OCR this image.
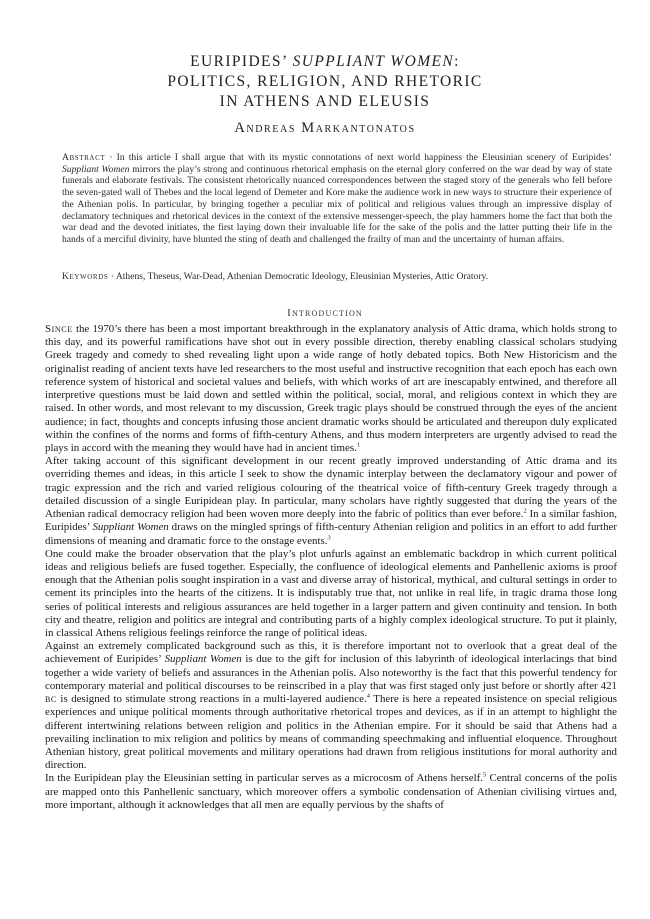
EURIPIDES’ SUPPLIANT WOMEN:
POLITICS, RELIGION, AND RHETORIC
IN ATHENS AND ELEUSIS
Andreas Markantonatos
Abstract · In this article I shall argue that with its mystic connotations of next world happiness the Eleusinian scenery of Euripides’ Suppliant Women mirrors the play’s strong and continuous rhetorical emphasis on the eternal glory conferred on the war dead by way of state funerals and elaborate festivals. The consistent rhetorically nuanced correspondences between the staged story of the generals who fell before the seven-gated wall of Thebes and the local legend of Demeter and Kore make the audience work in new ways to structure their experience of the Athenian polis. In particular, by bringing together a peculiar mix of political and religious values through an impressive display of declamatory techniques and rhetorical devices in the context of the extensive messenger-speech, the play hammers home the fact that both the war dead and the devoted initiates, the first laying down their invaluable life for the sake of the polis and the latter putting their life in the hands of a merciful divinity, have blunted the sting of death and challenged the frailty of man and the uncertainty of human affairs.
Keywords · Athens, Theseus, War-Dead, Athenian Democratic Ideology, Eleusinian Mysteries, Attic Oratory.
Introduction

Since the 1970’s there has been a most important breakthrough in the explanatory analysis of Attic drama, which holds strong to this day, and its powerful ramifications have shot out in every possible direction, thereby enabling classical scholars studying Greek tragedy and comedy to shed revealing light upon a wide range of hotly debated topics. Both New Historicism and the originalist reading of ancient texts have led researchers to the most useful and instructive recognition that each epoch has each own reference system of historical and societal values and beliefs, with which works of art are inescapably entwined, and therefore all interpretive questions must be laid down and settled within the political, social, moral, and religious context in which they are raised. In other words, and most relevant to my discussion, Greek tragic plays should be construed through the eyes of the ancient audience; in fact, thoughts and concepts infusing those ancient dramatic works should be articulated and thereupon duly explicated within the confines of the norms and forms of fifth-century Athens, and thus modern interpreters are urgently advised to read the plays in accord with the meaning they would have had in ancient times.$^1$

After taking account of this significant development in our recent greatly improved understanding of Attic drama and its overriding themes and ideas, in this article I seek to show the dynamic interplay between the declamatory vigour and power of tragic expression and the rich and varied religious colouring of the theatrical voice of fifth-century Greek tragedy through a detailed discussion of a single Euripidean play. In particular, many scholars have rightly suggested that during the years of the Athenian radical democracy religion had been woven more deeply into the fabric of politics than ever before.$^2$ In a similar fashion, Euripides’ Suppliant Women draws on the mingled springs of fifth-century Athenian religion and politics in an effort to add further dimensions of meaning and dramatic force to the onstage events.$^3$

One could make the broader observation that the play’s plot unfurls against an emblematic backdrop in which current political ideas and religious beliefs are fused together. Especially, the confluence of ideological elements and Panhellenic axioms is proof enough that the Athenian polis sought inspiration in a vast and diverse array of historical, mythical, and cultural settings in order to cement its principles into the hearts of the citizens. It is indisputably true that, not unlike in real life, in tragic drama those long series of political interests and religious assurances are held together in a larger pattern and given continuity and tension. In both city and theatre, religion and politics are integral and contributing parts of a highly complex ideological structure. To put it plainly, in classical Athens religious feelings reinforce the range of political ideas.

Against an extremely complicated background such as this, it is therefore important not to overlook that a great deal of the achievement of Euripides’ Suppliant Women is due to the gift for inclusion of this labyrinth of ideological interlacings that bind together a wide variety of beliefs and assurances in the Athenian polis. Also noteworthy is the fact that this powerful tendency for contemporary material and political discourses to be reinscribed in a play that was first staged only just before or shortly after 421 bc is designed to stimulate strong reactions in a multi-layered audience.$^4$ There is here a repeated insistence on special religious experiences and unique political moments through authoritative rhetorical tropes and devices, as if in an attempt to highlight the different intertwining relations between religion and politics in the Athenian empire. For it should be said that Athens had a prevailing inclination to mix religion and politics by means of commanding speechmaking and influential eloquence. Throughout Athenian history, great political movements and military operations had drawn from religious institutions for moral authority and direction.

In the Euripidean play the Eleusinian setting in particular serves as a microcosm of Athens herself.$^5$ Central concerns of the polis are mapped onto this Panhellenic sanctuary, which moreover offers a symbolic condensation of Athenian civilising virtues and, more important, although it acknowledges that all men are equally pervious by the shafts of
